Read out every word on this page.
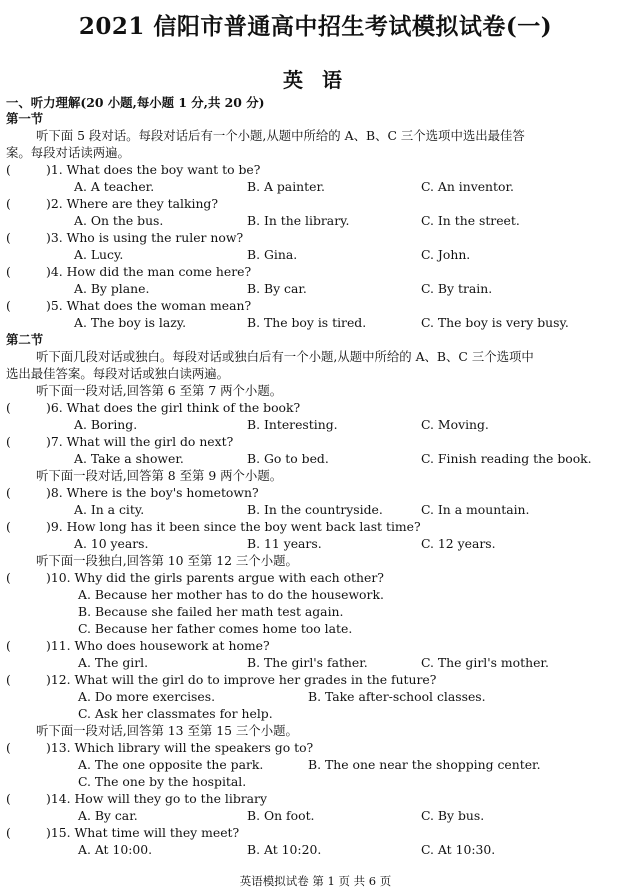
2021 信阳市普通高中招生考试模拟试卷(一)
英 语
一、听力理解(20 小题,每小题 1 分,共 20 分)
第一节
听下面 5 段对话。每段对话后有一个小题,从题中所给的 A、B、C 三个选项中选出最佳答
案。每段对话读两遍。
(	)1. What does the boy want to be?
A. A teacher.	B. A painter.	C. An inventor.
(	)2. Where are they talking?
A. On the bus.	B. In the library.	C. In the street.
(	)3. Who is using the ruler now?
A. Lucy.	B. Gina.	C. John.
(	)4. How did the man come here?
A. By plane.	B. By car.	C. By train.
(	)5. What does the woman mean?
A. The boy is lazy.	B. The boy is tired.	C. The boy is very busy.
第二节
听下面几段对话或独白。每段对话或独白后有一个小题,从题中所给的 A、B、C 三个选项中
选出最佳答案。每段对话或独白读两遍。
听下面一段对话,回答第 6 至第 7 两个小题。
(	)6. What does the girl think of the book?
A. Boring.	B. Interesting.	C. Moving.
(	)7. What will the girl do next?
A. Take a shower.	B. Go to bed.	C. Finish reading the book.
听下面一段对话,回答第 8 至第 9 两个小题。
(	)8. Where is the boy's hometown?
A. In a city.	B. In the countryside.	C. In a mountain.
(	)9. How long has it been since the boy went back last time?
A. 10 years.	B. 11 years.	C. 12 years.
听下面一段独白,回答第 10 至第 12 三个小题。
(	)10. Why did the girls parents argue with each other?
A. Because her mother has to do the housework.
B. Because she failed her math test again.
C. Because her father comes home too late.
(	)11. Who does housework at home?
A. The girl.	B. The girl's father.	C. The girl's mother.
(	)12. What will the girl do to improve her grades in the future?
A. Do more exercises.	B. Take after-school classes.
C. Ask her classmates for help.
听下面一段对话,回答第 13 至第 15 三个小题。
(	)13. Which library will the speakers go to?
A. The one opposite the park.	B. The one near the shopping center.
C. The one by the hospital.
(	)14. How will they go to the library
A. By car.	B. On foot.	C. By bus.
(	)15. What time will they meet?
A. At 10:00.	B. At 10:20.	C. At 10:30.
英语模拟试卷 第 1 页 共 6 页
